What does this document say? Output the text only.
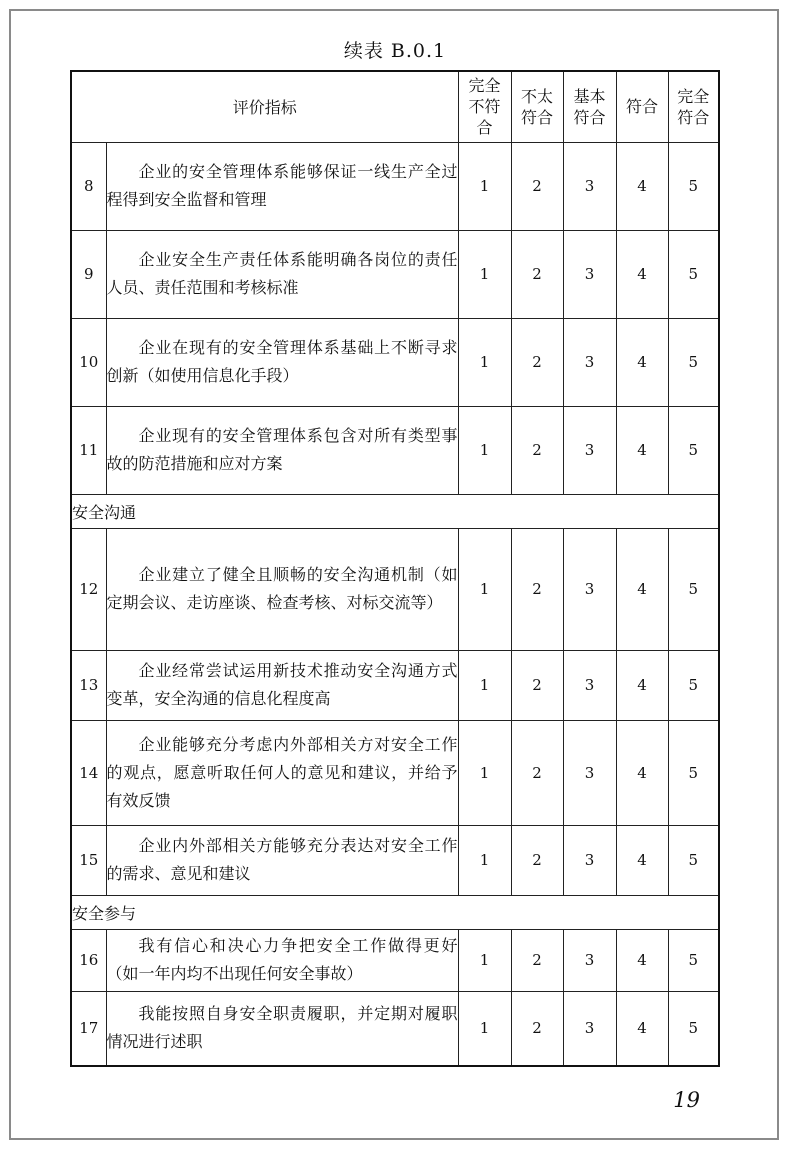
续表 B.0.1
评价指标		完全不符合	不太符合	基本符合	符合	完全符合

8	企业的安全管理体系能够保证一线生产全过程得到安全监督和管理	1	2	3	4	5
9	企业安全生产责任体系能明确各岗位的责任人员、责任范围和考核标准	1	2	3	4	5
10	企业在现有的安全管理体系基础上不断寻求创新（如使用信息化手段）	1	2	3	4	5
11	企业现有的安全管理体系包含对所有类型事故的防范措施和应对方案	1	2	3	4	5
安全沟通						
12	企业建立了健全且顺畅的安全沟通机制（如定期会议、走访座谈、检查考核、对标交流等）	1	2	3	4	5
13	企业经常尝试运用新技术推动安全沟通方式变革，安全沟通的信息化程度高	1	2	3	4	5
14	企业能够充分考虑内外部相关方对安全工作的观点，愿意听取任何人的意见和建议，并给予有效反馈	1	2	3	4	5
15	企业内外部相关方能够充分表达对安全工作的需求、意见和建议	1	2	3	4	5
安全参与						
16	我有信心和决心力争把安全工作做得更好（如一年内均不出现任何安全事故）	1	2	3	4	5
17	我能按照自身安全职责履职，并定期对履职情况进行述职	1	2	3	4	5
19
